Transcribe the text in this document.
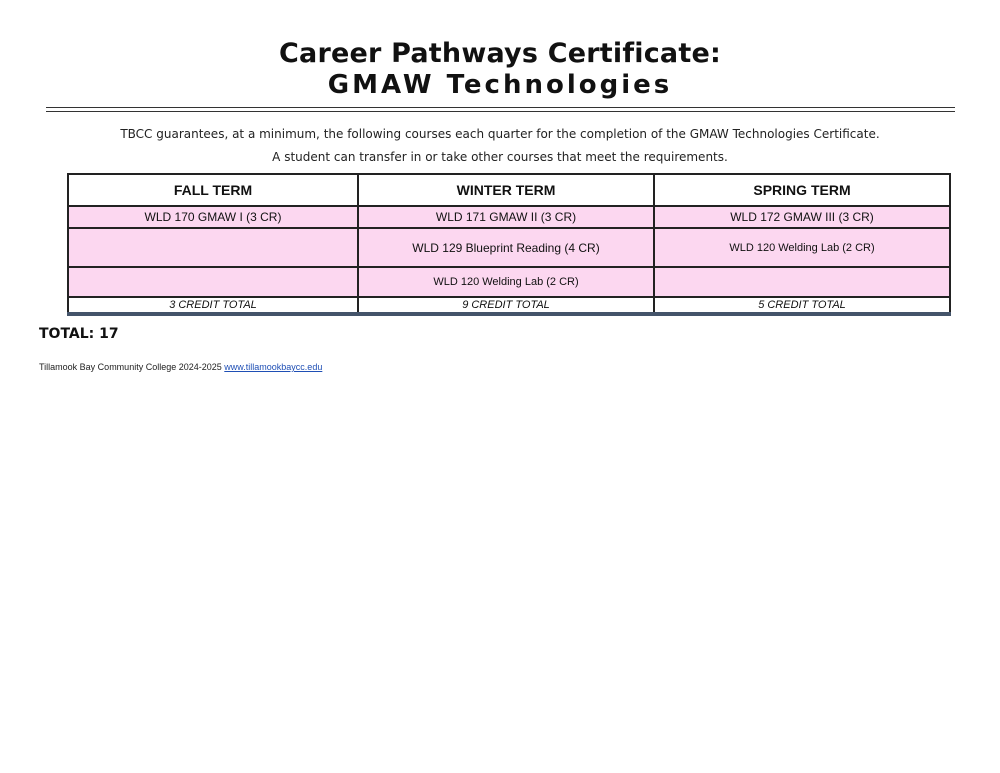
Career Pathways Certificate:
GMAW Technologies
TBCC guarantees, at a minimum, the following courses each quarter for the completion of the GMAW Technologies Certificate.
A student can transfer in or take other courses that meet the requirements.
FALL TERM	WINTER TERM	SPRING TERM
WLD 170 GMAW I (3 CR)	WLD 171 GMAW II (3 CR)	WLD 172 GMAW III (3 CR)
	WLD 129 Blueprint Reading (4 CR)	WLD 120 Welding Lab (2 CR)
	WLD 120 Welding Lab (2 CR)	
3 CREDIT TOTAL	9 CREDIT TOTAL	5 CREDIT TOTAL
TOTAL: 17
Tillamook Bay Community College 2024-2025 www.tillamookbaycc.edu
